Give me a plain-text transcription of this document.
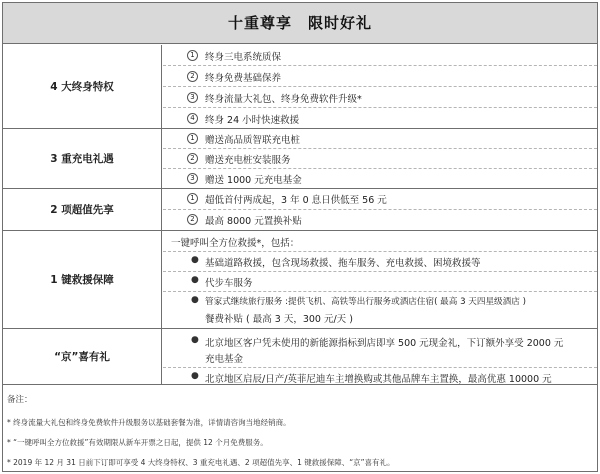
十重尊享　限时好礼
4 大终身特权
1	终身三电系统质保
2	终身免费基础保养
3	终身流量大礼包、终身免费软件升级*
4	终身 24 小时快速救援
3 重充电礼遇
1	赠送高品质智联充电桩
2	赠送充电桩安装服务
3	赠送 1000 元充电基金
2 项超值先享
1	超低首付两成起，3 年 0 息日供低至 56 元
2	最高 8000 元置换补贴
1 键救援保障
一键呼叫全方位救援*，包括：
● 基础道路救援，包含现场救援、拖车服务、充电救援、困境救援等
● 代步车服务
● 管家式继续旅行服务 :提供飞机、高铁等出行服务或酒店住宿( 最高 3 天四星级酒店 )
餐费补贴 ( 最高 3 天，300 元/天 )
“京”喜有礼
● 北京地区客户凭未使用的新能源指标到店即享 500 元现金礼，下订额外享受 2000 元
充电基金
● 北京地区启辰/日产/英菲尼迪车主增换购或其他品牌车主置换，最高优惠 10000 元
备注：
* 终身流量大礼包和终身免费软件升级服务以基础套餐为准，详情请咨询当地经销商。
* “一键呼叫全方位救援”有效期限从新车开票之日起，提供 12 个月免费服务。
* 2019 年 12 月 31 日前下订即可享受 4 大终身特权、3 重充电礼遇、2 项超值先享、1 键救援保障、“京”喜有礼。
